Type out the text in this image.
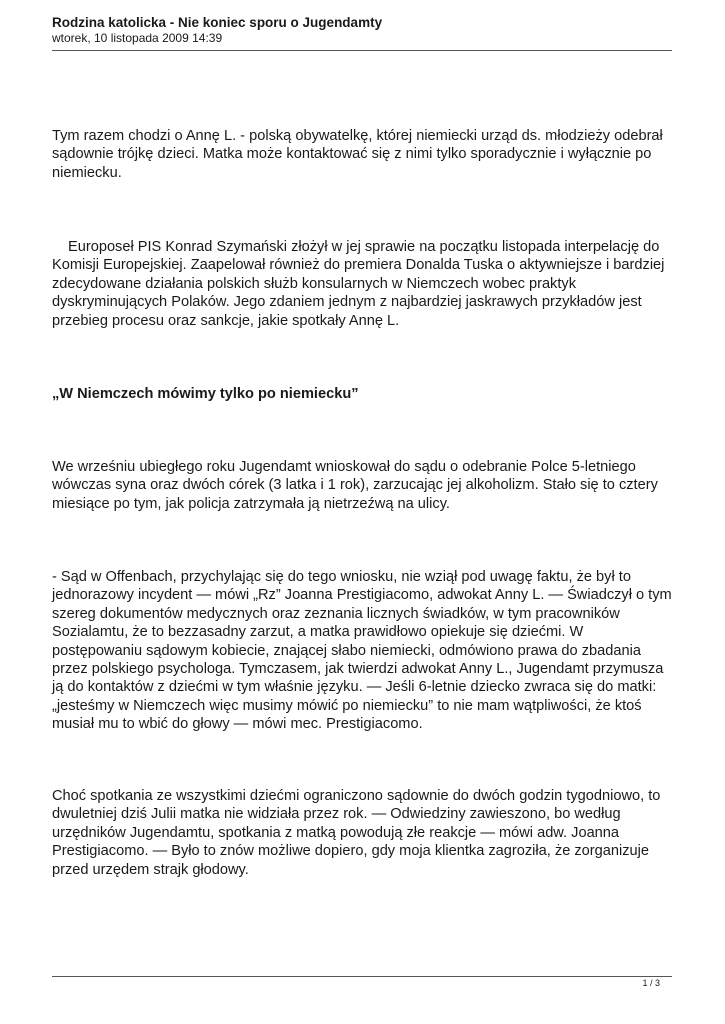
Rodzina katolicka - Nie koniec sporu o Jugendamty
wtorek, 10 listopada 2009 14:39

Tym razem chodzi o Annę L. - polską obywatelkę, której niemiecki urząd ds. młodzieży odebrał sądownie trójkę dzieci. Matka może kontaktować się z nimi tylko sporadycznie i wyłącznie po niemiecku.

Europoseł PIS Konrad Szymański złożył w jej sprawie na początku listopada interpelację do Komisji Europejskiej. Zaapelował również do premiera Donalda Tuska o aktywniejsze i bardziej zdecydowane działania polskich służb konsularnych w Niemczech wobec praktyk dyskryminujących Polaków. Jego zdaniem jednym z najbardziej jaskrawych przykładów jest przebieg procesu oraz sankcje, jakie spotkały Annę L.

„W Niemczech mówimy tylko po niemiecku”

We wrześniu ubiegłego roku Jugendamt wnioskował do sądu o odebranie Polce 5-letniego wówczas syna oraz dwóch córek (3 latka i 1 rok), zarzucając jej alkoholizm. Stało się to cztery miesiące po tym, jak policja zatrzymała ją nietrzeźwą na ulicy.

- Sąd w Offenbach, przychylając się do tego wniosku, nie wziął pod uwagę faktu, że był to jednorazowy incydent — mówi „Rz” Joanna Prestigiacomo, adwokat Anny L. — Świadczył o tym szereg dokumentów medycznych oraz zeznania licznych świadków, w tym pracowników Sozialamtu, że to bezzasadny zarzut, a matka prawidłowo opiekuje się dziećmi. W postępowaniu sądowym kobiecie, znającej słabo niemiecki, odmówiono prawa do zbadania przez polskiego psychologa. Tymczasem, jak twierdzi adwokat Anny L., Jugendamt przymusza ją do kontaktów z dziećmi w tym właśnie języku. — Jeśli 6-letnie dziecko zwraca się do matki: „jesteśmy w Niemczech więc musimy mówić po niemiecku” to nie mam wątpliwości, że ktoś musiał mu to wbić do głowy — mówi mec. Prestigiacomo.

Choć spotkania ze wszystkimi dziećmi ograniczono sądownie do dwóch godzin tygodniowo, to dwuletniej dziś Julii matka nie widziała przez rok. — Odwiedziny zawieszono, bo według urzędników Jugendamtu, spotkania z matką powodują złe reakcje — mówi adw. Joanna Prestigiacomo. — Było to znów możliwe dopiero, gdy moja klientka zagroziła, że zorganizuje przed urzędem strajk głodowy.

1 / 3
